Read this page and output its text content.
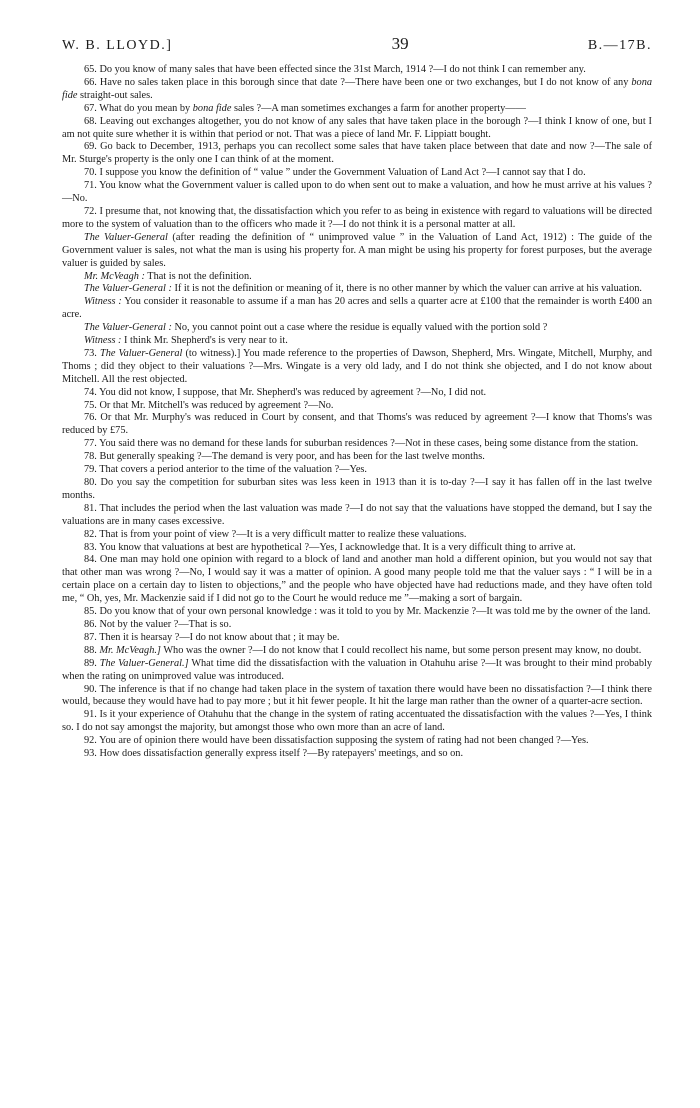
W. B. LLOYD.]	39	B.—17B.

65. Do you know of many sales that have been effected since the 31st March, 1914 ?—I do not think I can remember any.

66. Have no sales taken place in this borough since that date ?—There have been one or two exchanges, but I do not know of any bona fide straight-out sales.

67. What do you mean by bona fide sales ?—A man sometimes exchanges a farm for another property——

68. Leaving out exchanges altogether, you do not know of any sales that have taken place in the borough ?—I think I know of one, but I am not quite sure whether it is within that period or not. That was a piece of land Mr. F. Lippiatt bought.

69. Go back to December, 1913, perhaps you can recollect some sales that have taken place between that date and now ?—The sale of Mr. Sturge's property is the only one I can think of at the moment.

70. I suppose you know the definition of “ value ” under the Government Valuation of Land Act ?—I cannot say that I do.

71. You know what the Government valuer is called upon to do when sent out to make a valuation, and how he must arrive at his values ?—No.

72. I presume that, not knowing that, the dissatisfaction which you refer to as being in existence with regard to valuations will be directed more to the system of valuation than to the officers who made it ?—I do not think it is a personal matter at all.

The Valuer-General (after reading the definition of “ unimproved value ” in the Valuation of Land Act, 1912) : The guide of the Government valuer is sales, not what the man is using his property for. A man might be using his property for forest purposes, but the average valuer is guided by sales.

Mr. McVeagh : That is not the definition.

The Valuer-General : If it is not the definition or meaning of it, there is no other manner by which the valuer can arrive at his valuation.

Witness : You consider it reasonable to assume if a man has 20 acres and sells a quarter acre at £100 that the remainder is worth £400 an acre.

The Valuer-General : No, you cannot point out a case where the residue is equally valued with the portion sold ?

Witness : I think Mr. Shepherd's is very near to it.

73. The Valuer-General (to witness).] You made reference to the properties of Dawson, Shepherd, Mrs. Wingate, Mitchell, Murphy, and Thoms ; did they object to their valuations ?—Mrs. Wingate is a very old lady, and I do not think she objected, and I do not know about Mitchell. All the rest objected.

74. You did not know, I suppose, that Mr. Shepherd's was reduced by agreement ?—No, I did not.

75. Or that Mr. Mitchell's was reduced by agreement ?—No.

76. Or that Mr. Murphy's was reduced in Court by consent, and that Thoms's was reduced by agreement ?—I know that Thoms's was reduced by £75.

77. You said there was no demand for these lands for suburban residences ?—Not in these cases, being some distance from the station.

78. But generally speaking ?—The demand is very poor, and has been for the last twelve months.

79. That covers a period anterior to the time of the valuation ?—Yes.

80. Do you say the competition for suburban sites was less keen in 1913 than it is to-day ?—I say it has fallen off in the last twelve months.

81. That includes the period when the last valuation was made ?—I do not say that the valuations have stopped the demand, but I say the valuations are in many cases excessive.

82. That is from your point of view ?—It is a very difficult matter to realize these valuations.

83. You know that valuations at best are hypothetical ?—Yes, I acknowledge that. It is a very difficult thing to arrive at.

84. One man may hold one opinion with regard to a block of land and another man hold a different opinion, but you would not say that that other man was wrong ?—No, I would say it was a matter of opinion. A good many people told me that the valuer says : “ I will be in a certain place on a certain day to listen to objections,” and the people who have objected have had reductions made, and they have often told me, “ Oh, yes, Mr. Mackenzie said if I did not go to the Court he would reduce me ”—making a sort of bargain.

85. Do you know that of your own personal knowledge : was it told to you by Mr. Mackenzie ?—It was told me by the owner of the land.

86. Not by the valuer ?—That is so.

87. Then it is hearsay ?—I do not know about that ; it may be.

88. Mr. McVeagh.] Who was the owner ?—I do not know that I could recollect his name, but some person present may know, no doubt.

89. The Valuer-General.] What time did the dissatisfaction with the valuation in Otahuhu arise ?—It was brought to their mind probably when the rating on unimproved value was introduced.

90. The inference is that if no change had taken place in the system of taxation there would have been no dissatisfaction ?—I think there would, because they would have had to pay more ; but it hit fewer people. It hit the large man rather than the owner of a quarter-acre section.

91. Is it your experience of Otahuhu that the change in the system of rating accentuated the dissatisfaction with the values ?—Yes, I think so. I do not say amongst the majority, but amongst those who own more than an acre of land.

92. You are of opinion there would have been dissatisfaction supposing the system of rating had not been changed ?—Yes.

93. How does dissatisfaction generally express itself ?—By ratepayers' meetings, and so on.
